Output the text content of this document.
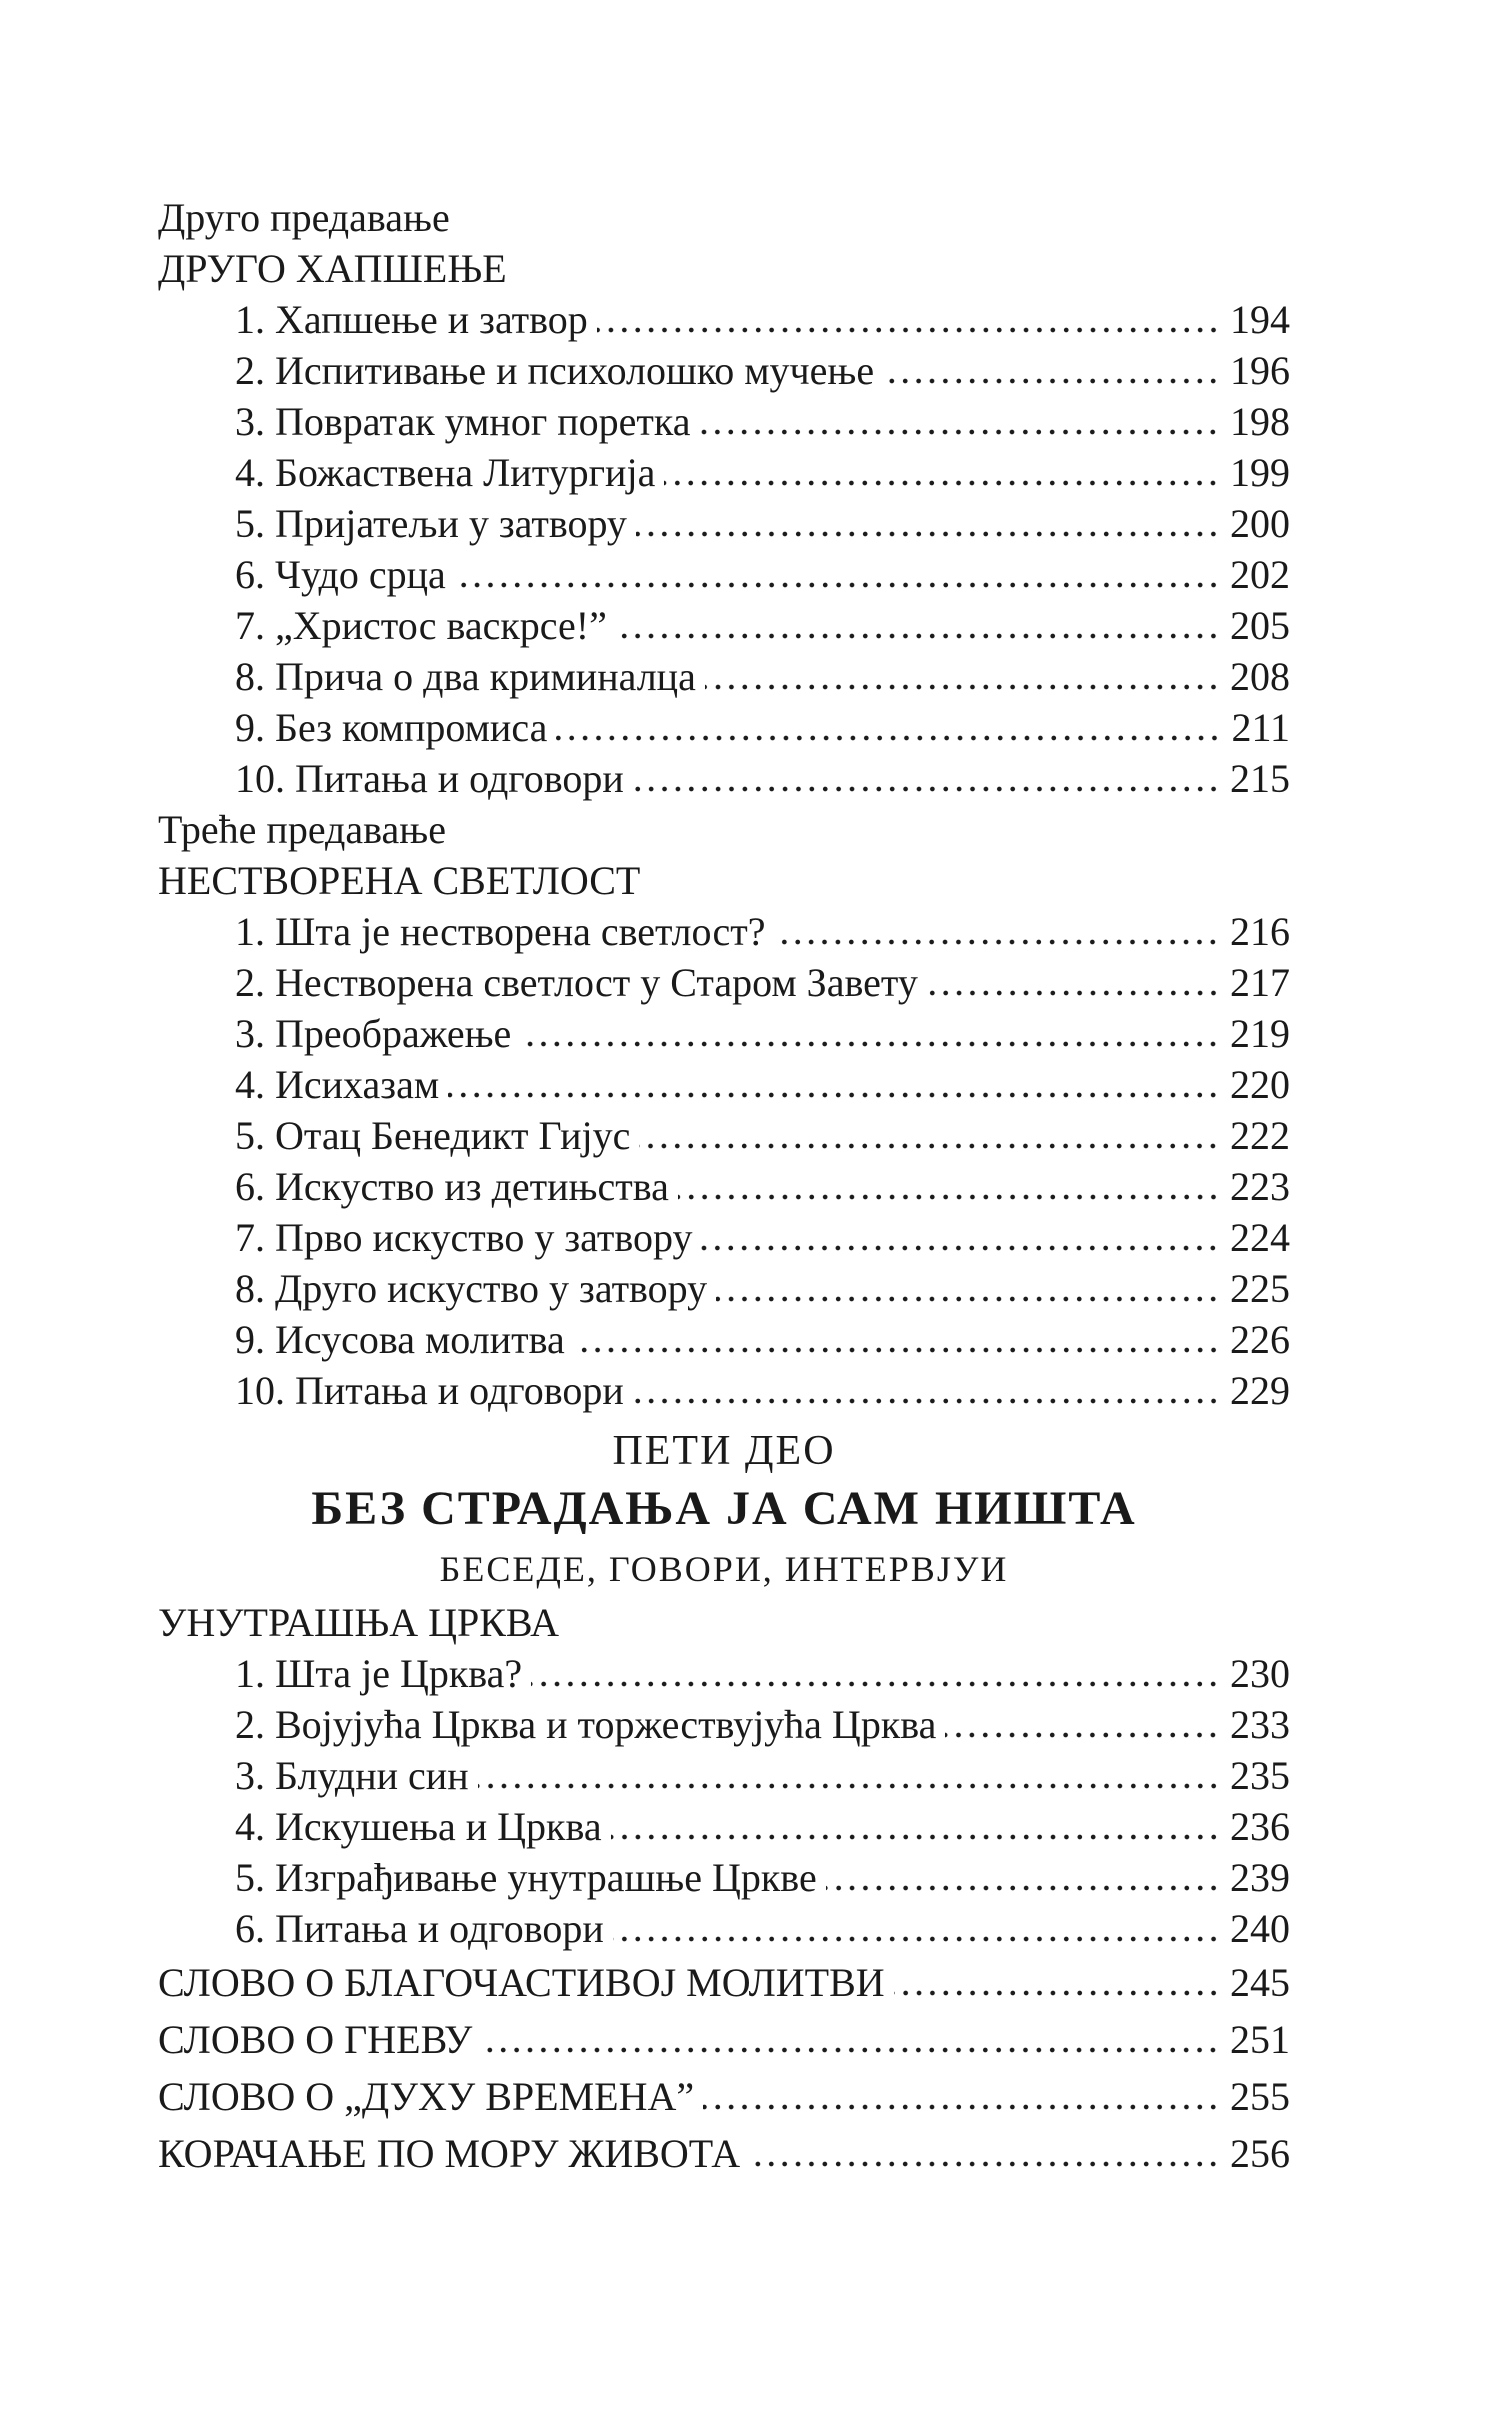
Друго предавање
ДРУГО ХАПШЕЊЕ
1. Хапшење и затвор	194
2. Испитивање и психолошко мучење	196
3. Повратак умног поретка	198
4. Божаствена Литургија	199
5. Пријатељи у затвору	200
6. Чудо срца	202
7. „Христос васкрсе!”	205
8. Прича о два криминалца	208
9. Без компромиса	211
10. Питања и одговори	215
Треће предавање
НЕСТВОРЕНА СВЕТЛОСТ
1. Шта је нестворена светлост?	216
2. Нестворена светлост у Старом Завету	217
3. Преображење	219
4. Исихазам	220
5. Отац Бенедикт Гијус	222
6. Искуство из детињства	223
7. Прво искуство у затвору	224
8. Друго искуство у затвору	225
9. Исусова молитва	226
10. Питања и одговори	229
ПЕТИ ДЕО
БЕЗ СТРАДАЊА ЈА САМ НИШТА
БЕСЕДЕ, ГОВОРИ, ИНТЕРВЈУИ
УНУТРАШЊА ЦРКВА
1. Шта је Црква?	230
2. Војујућа Црква и торжествујућа Црква	233
3. Блудни син	235
4. Искушења и Црква	236
5. Изграђивање унутрашње Цркве	239
6. Питања и одговори	240
СЛОВО О БЛАГОЧАСТИВОЈ МОЛИТВИ	245
СЛОВО О ГНЕВУ	251
СЛОВО О „ДУХУ ВРЕМЕНА”	255
КОРАЧАЊЕ ПО МОРУ ЖИВОТА	256
